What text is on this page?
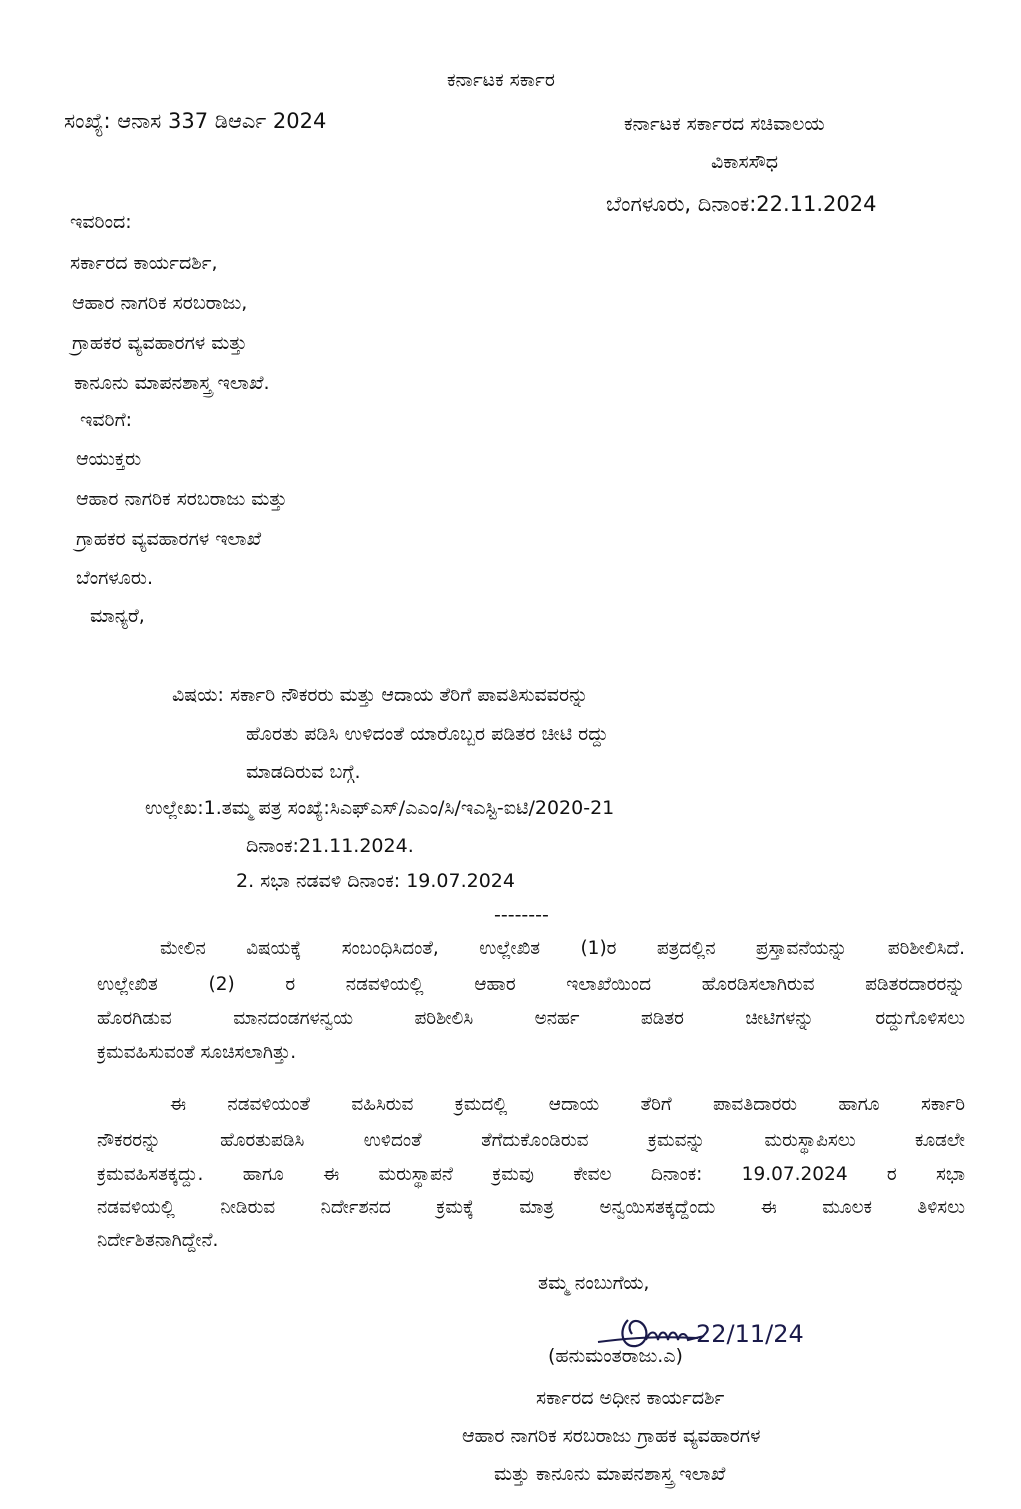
ಕರ್ನಾಟಕ ಸರ್ಕಾರ
ಸಂಖ್ಯೆ: ಆನಾಸ 337 ಡಿಆರ್ಎ 2024	ಕರ್ನಾಟಕ ಸರ್ಕಾರದ ಸಚಿವಾಲಯ
ವಿಕಾಸಸೌಧ
ಬೆಂಗಳೂರು, ದಿನಾಂಕ:22.11.2024
ಇವರಿಂದ:
ಸರ್ಕಾರದ ಕಾರ್ಯದರ್ಶಿ,
ಆಹಾರ ನಾಗರಿಕ ಸರಬರಾಜು,
ಗ್ರಾಹಕರ ವ್ಯವಹಾರಗಳ ಮತ್ತು
ಕಾನೂನು ಮಾಪನಶಾಸ್ತ್ರ ಇಲಾಖೆ.
ಇವರಿಗೆ:
ಆಯುಕ್ತರು
ಆಹಾರ ನಾಗರಿಕ ಸರಬರಾಜು ಮತ್ತು
ಗ್ರಾಹಕರ ವ್ಯವಹಾರಗಳ ಇಲಾಖೆ
ಬೆಂಗಳೂರು.
ಮಾನ್ಯರೆ,
ವಿಷಯ: ಸರ್ಕಾರಿ ನೌಕರರು ಮತ್ತು ಆದಾಯ ತೆರಿಗೆ ಪಾವತಿಸುವವರನ್ನು
ಹೊರತು ಪಡಿಸಿ ಉಳಿದಂತೆ ಯಾರೊಬ್ಬರ ಪಡಿತರ ಚೀಟಿ ರದ್ದು
ಮಾಡದಿರುವ ಬಗ್ಗೆ.
ಉಲ್ಲೇಖ:1.ತಮ್ಮ ಪತ್ರ ಸಂಖ್ಯೆ:ಸಿಎಫ್ಎಸ್/ಎಎಂ/ಸಿ/ಇಎಸ್ಟಿ-ಐಟಿ/2020-21
ದಿನಾಂಕ:21.11.2024.
2. ಸಭಾ ನಡವಳಿ ದಿನಾಂಕ: 19.07.2024
--------
ಮೇಲಿನ ವಿಷಯಕ್ಕೆ ಸಂಬಂಧಿಸಿದಂತೆ, ಉಲ್ಲೇಖಿತ (1)ರ ಪತ್ರದಲ್ಲಿನ ಪ್ರಸ್ತಾವನೆಯನ್ನು ಪರಿಶೀಲಿಸಿದೆ.
ಉಲ್ಲೇಖಿತ (2) ರ ನಡವಳಿಯಲ್ಲಿ ಆಹಾರ ಇಲಾಖೆಯಿಂದ ಹೊರಡಿಸಲಾಗಿರುವ ಪಡಿತರದಾರರನ್ನು
ಹೊರಗಿಡುವ ಮಾನದಂಡಗಳನ್ವಯ ಪರಿಶೀಲಿಸಿ ಅನರ್ಹ ಪಡಿತರ ಚೀಟಿಗಳನ್ನು ರದ್ದುಗೊಳಿಸಲು
ಕ್ರಮವಹಿಸುವಂತೆ ಸೂಚಿಸಲಾಗಿತ್ತು.
ಈ ನಡವಳಿಯಂತೆ ವಹಿಸಿರುವ ಕ್ರಮದಲ್ಲಿ ಆದಾಯ ತೆರಿಗೆ ಪಾವತಿದಾರರು ಹಾಗೂ ಸರ್ಕಾರಿ
ನೌಕರರನ್ನು ಹೊರತುಪಡಿಸಿ ಉಳಿದಂತೆ ತೆಗೆದುಕೊಂಡಿರುವ ಕ್ರಮವನ್ನು ಮರುಸ್ಥಾಪಿಸಲು ಕೂಡಲೇ
ಕ್ರಮವಹಿಸತಕ್ಕದ್ದು. ಹಾಗೂ ಈ ಮರುಸ್ಥಾಪನೆ ಕ್ರಮವು ಕೇವಲ ದಿನಾಂಕ: 19.07.2024 ರ ಸಭಾ
ನಡವಳಿಯಲ್ಲಿ ನೀಡಿರುವ ನಿರ್ದೇಶನದ ಕ್ರಮಕ್ಕೆ ಮಾತ್ರ ಅನ್ವಯಿಸತಕ್ಕದ್ದೆಂದು ಈ ಮೂಲಕ ತಿಳಿಸಲು
ನಿರ್ದೇಶಿತನಾಗಿದ್ದೇನೆ.
ತಮ್ಮ ನಂಬುಗೆಯ,
22/11/24
(ಹನುಮಂತರಾಜು.ಎ)
ಸರ್ಕಾರದ ಅಧೀನ ಕಾರ್ಯದರ್ಶಿ
ಆಹಾರ ನಾಗರಿಕ ಸರಬರಾಜು ಗ್ರಾಹಕ ವ್ಯವಹಾರಗಳ
ಮತ್ತು ಕಾನೂನು ಮಾಪನಶಾಸ್ತ್ರ ಇಲಾಖೆ
